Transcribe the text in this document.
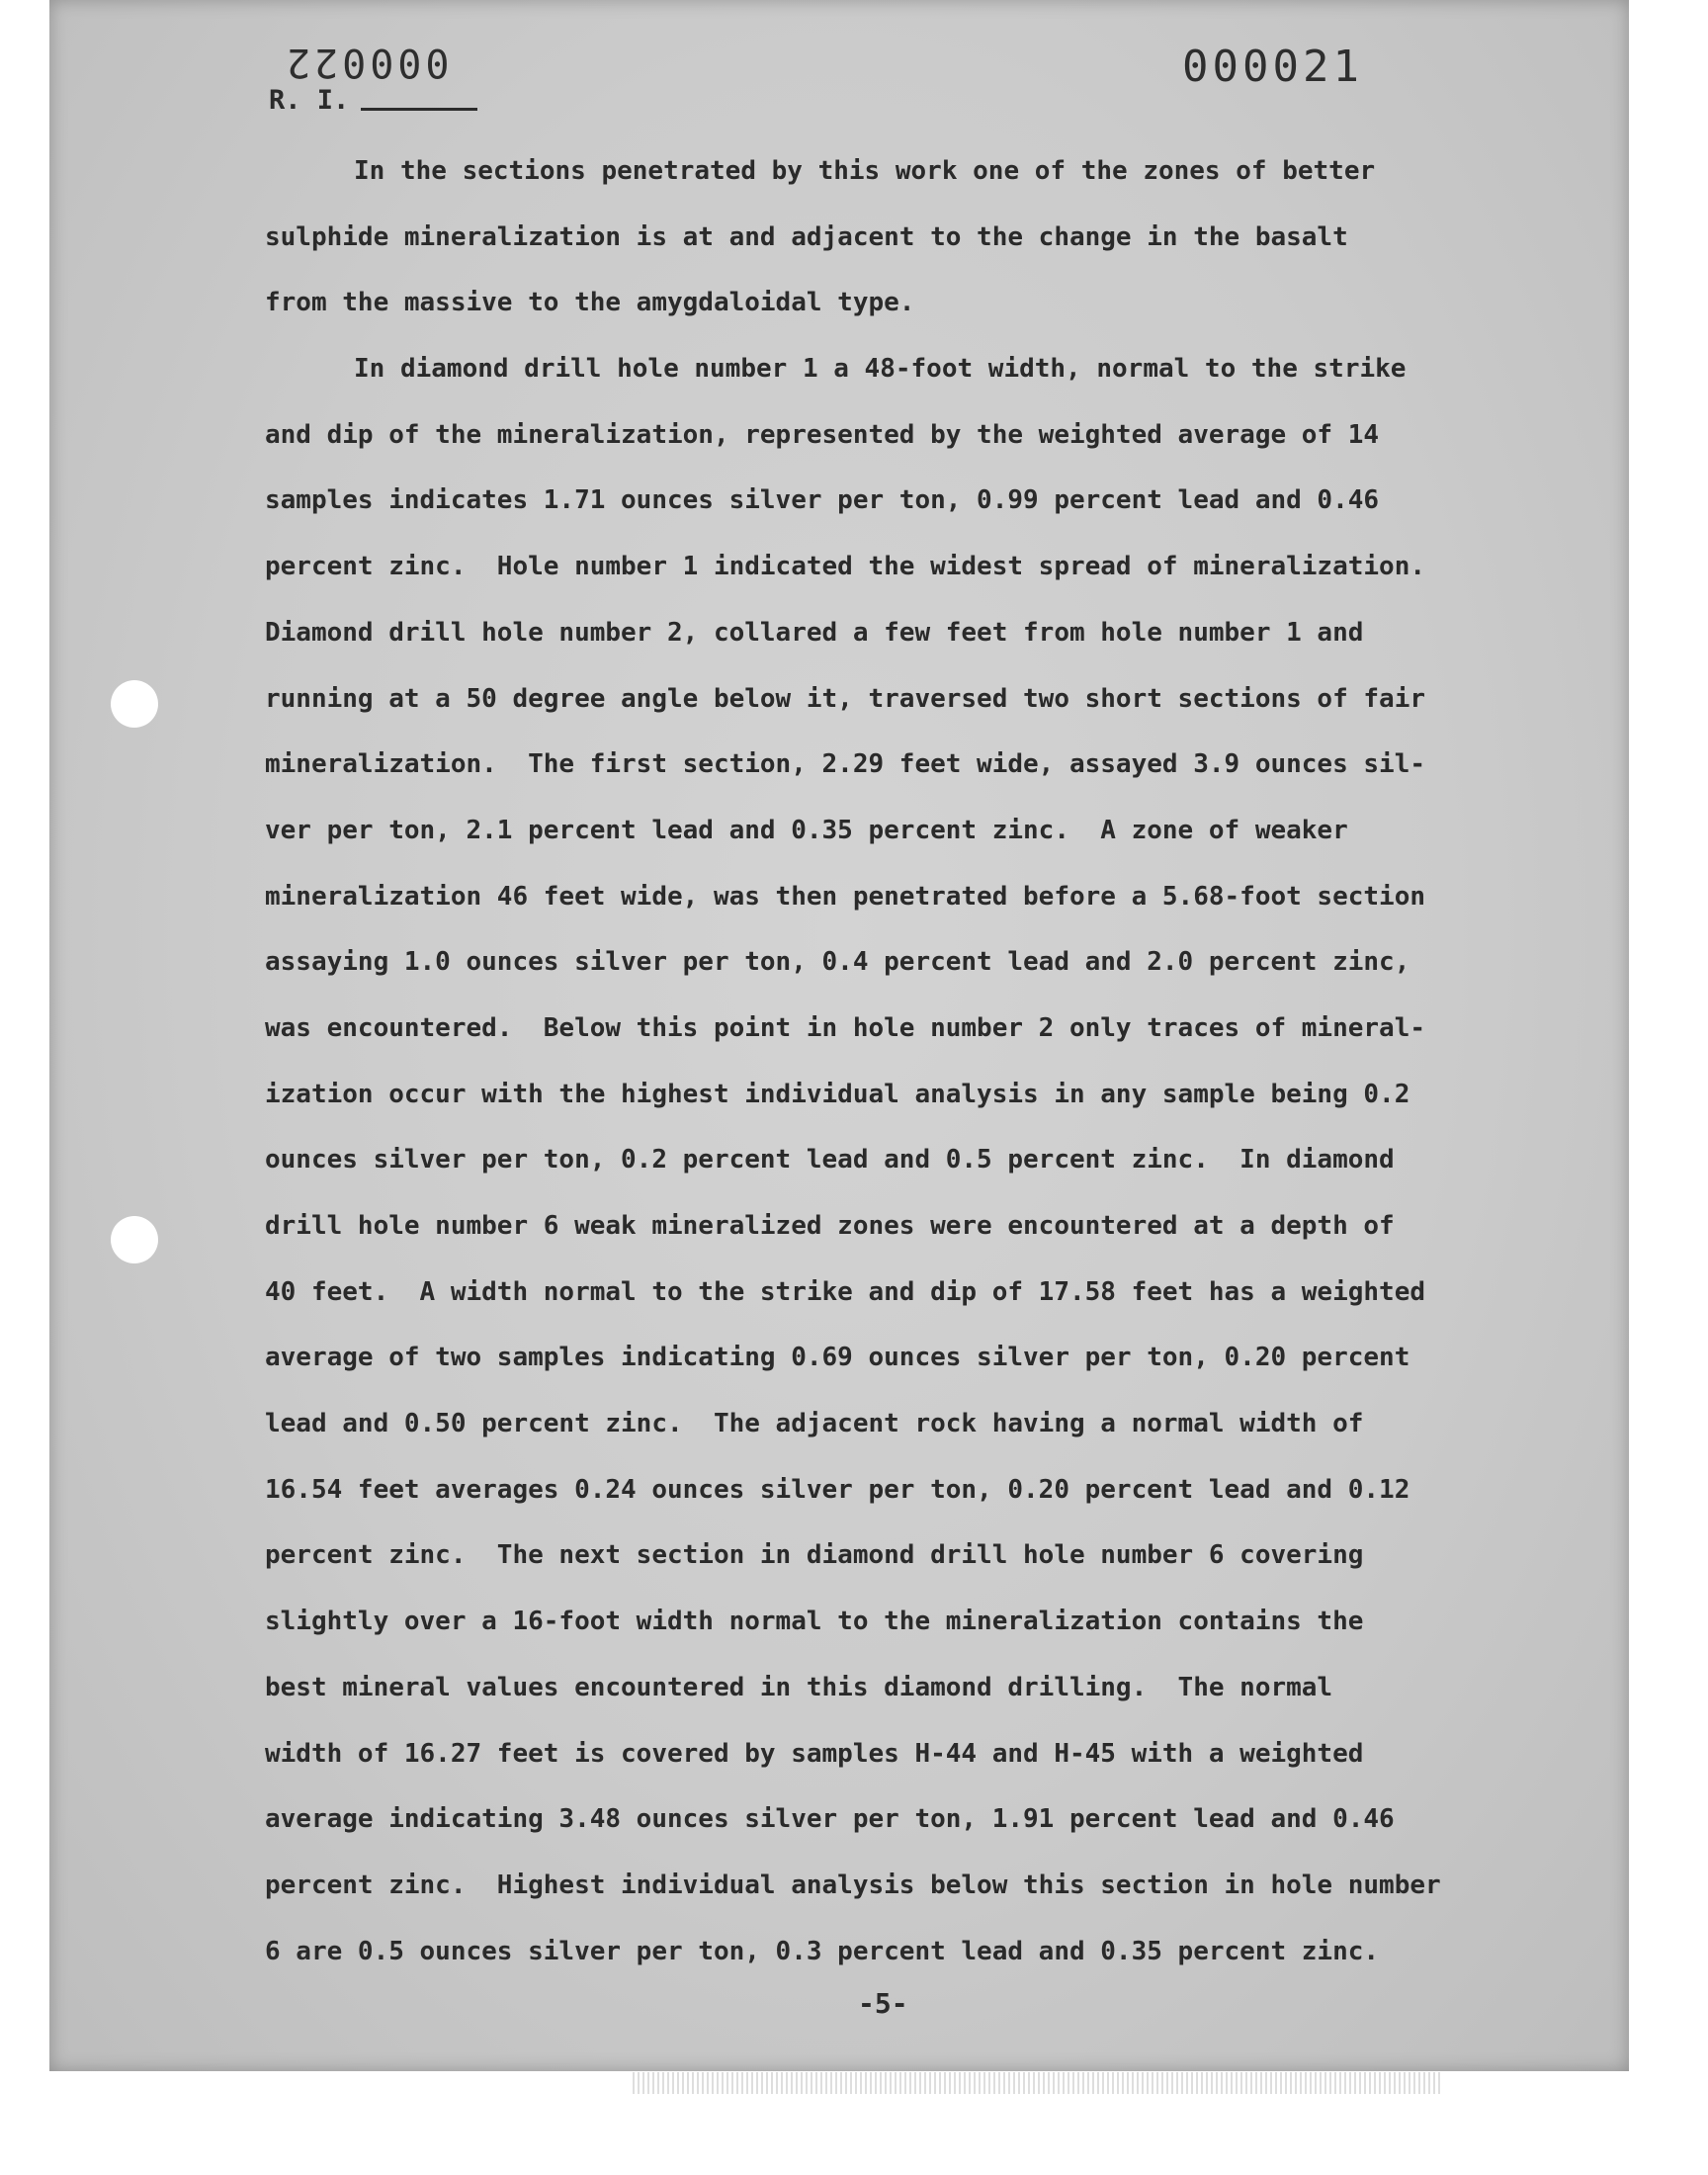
000022	000021
R. I.
In the sections penetrated by this work one of the zones of better
sulphide mineralization is at and adjacent to the change in the basalt
from the massive to the amygdaloidal type.
In diamond drill hole number 1 a 48-foot width, normal to the strike
and dip of the mineralization, represented by the weighted average of 14
samples indicates 1.71 ounces silver per ton, 0.99 percent lead and 0.46
percent zinc.  Hole number 1 indicated the widest spread of mineralization.
Diamond drill hole number 2, collared a few feet from hole number 1 and
running at a 50 degree angle below it, traversed two short sections of fair
mineralization.  The first section, 2.29 feet wide, assayed 3.9 ounces sil-
ver per ton, 2.1 percent lead and 0.35 percent zinc.  A zone of weaker
mineralization 46 feet wide, was then penetrated before a 5.68-foot section
assaying 1.0 ounces silver per ton, 0.4 percent lead and 2.0 percent zinc,
was encountered.  Below this point in hole number 2 only traces of mineral-
ization occur with the highest individual analysis in any sample being 0.2
ounces silver per ton, 0.2 percent lead and 0.5 percent zinc.  In diamond
drill hole number 6 weak mineralized zones were encountered at a depth of
40 feet.  A width normal to the strike and dip of 17.58 feet has a weighted
average of two samples indicating 0.69 ounces silver per ton, 0.20 percent
lead and 0.50 percent zinc.  The adjacent rock having a normal width of
16.54 feet averages 0.24 ounces silver per ton, 0.20 percent lead and 0.12
percent zinc.  The next section in diamond drill hole number 6 covering
slightly over a 16-foot width normal to the mineralization contains the
best mineral values encountered in this diamond drilling.  The normal
width of 16.27 feet is covered by samples H-44 and H-45 with a weighted
average indicating 3.48 ounces silver per ton, 1.91 percent lead and 0.46
percent zinc.  Highest individual analysis below this section in hole number
6 are 0.5 ounces silver per ton, 0.3 percent lead and 0.35 percent zinc.
-5-
